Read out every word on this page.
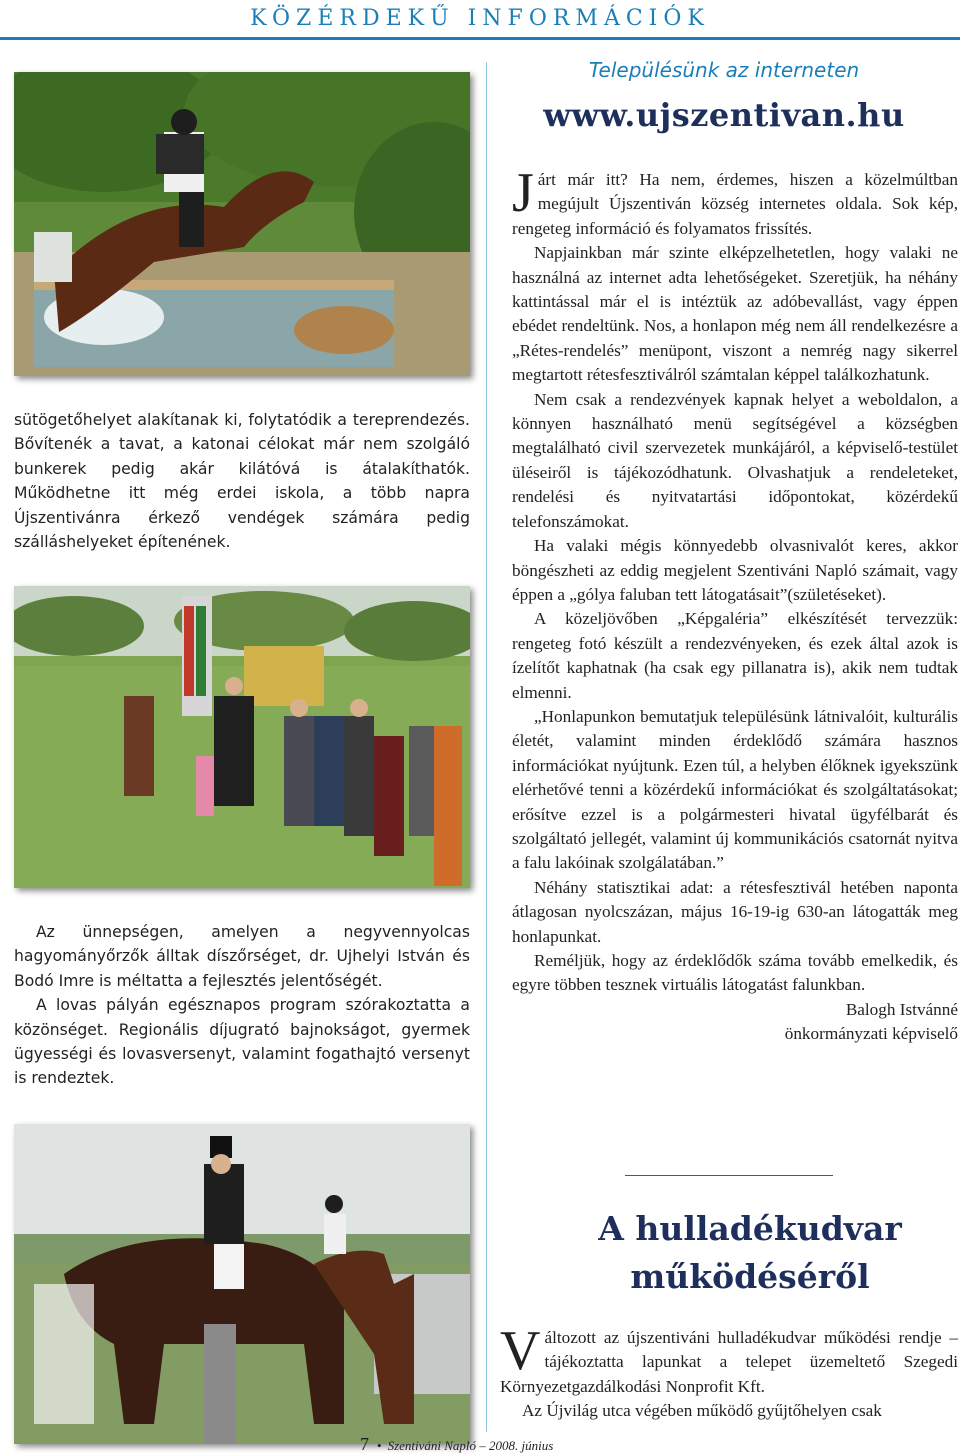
KÖZÉRDEKŰ INFORMÁCIÓK

sütögetőhelyet alakítanak ki, folytatódik a tereprendezés. Bővítenék a tavat, a katonai célokat már nem szolgáló bunkerek pedig akár kilátóvá is átalakíthatók. Működhetne itt még erdei iskola, a több napra Újszentivánra érkező vendégek számára pedig szálláshelyeket építenének.

Az ünnepségen, amelyen a negyvennyolcas hagyományőrzők álltak díszőrséget, dr. Ujhelyi István és Bodó Imre is méltatta a fejlesztés jelentőségét.

A lovas pályán egésznapos program szórakoztatta a közönséget. Regionális díjugrató bajnokságot, gyermek ügyességi és lovasversenyt, valamint fogathajtó versenyt is rendeztek.

Településünk az interneten
www.ujszentivan.hu

Járt már itt? Ha nem, érdemes, hiszen a közelmúltban megújult Újszentiván község internetes oldala. Sok kép, rengeteg információ és folyamatos frissítés.

Napjainkban már szinte elképzelhetetlen, hogy valaki ne használná az internet adta lehetőségeket. Szeretjük, ha néhány kattintással már el is intéztük az adóbevallást, vagy éppen ebédet rendeltünk. Nos, a honlapon még nem áll rendelkezésre a „Rétes-rendelés” menüpont, viszont a nemrég nagy sikerrel megtartott rétesfesztiválról számtalan képpel találkozhatunk.

Nem csak a rendezvények kapnak helyet a weboldalon, a könnyen használható menü segítségével a községben megtalálható civil szervezetek munkájáról, a képviselő-testület üléseiről is tájékozódhatunk. Olvashatjuk a rendeleteket, rendelési és nyitvatartási időpontokat, közérdekű telefonszámokat.

Ha valaki mégis könnyedebb olvasnivalót keres, akkor böngészheti az eddig megjelent Szentiváni Napló számait, vagy éppen a „gólya faluban tett látogatásait”(születéseket).

A közeljövőben „Képgaléria” elkészítését tervezzük: rengeteg fotó készült a rendezvényeken, és ezek által azok is ízelítőt kaphatnak (ha csak egy pillanatra is), akik nem tudtak elmenni.

„Honlapunkon bemutatjuk településünk látnivalóit, kulturális életét, valamint minden érdeklődő számára hasznos információkat nyújtunk. Ezen túl, a helyben élőknek igyekszünk elérhetővé tenni a közérdekű információkat és szolgáltatásokat; erősítve ezzel is a polgármesteri hivatal ügyfélbarát és szolgáltató jellegét, valamint új kommunikációs csatornát nyitva a falu lakóinak szolgálatában.”

Néhány statisztikai adat: a rétesfesztivál hetében naponta átlagosan nyolcszázan, május 16-19-ig 630-an látogatták meg honlapunkat.

Reméljük, hogy az érdeklődők száma tovább emelkedik, és egyre többen tesznek virtuális látogatást falunkban.

Balogh Istvánné

önkormányzati képviselő

A hulladékudvar
működéséről

Változott az újszentiváni hulladékudvar működési rendje – tájékoztatta lapunkat a telepet üzemeltető Szegedi Környezetgazdálkodási Nonprofit Kft.

Az Újvilág utca végében működő gyűjtőhelyen csak

7 • Szentiváni Napló – 2008. június
